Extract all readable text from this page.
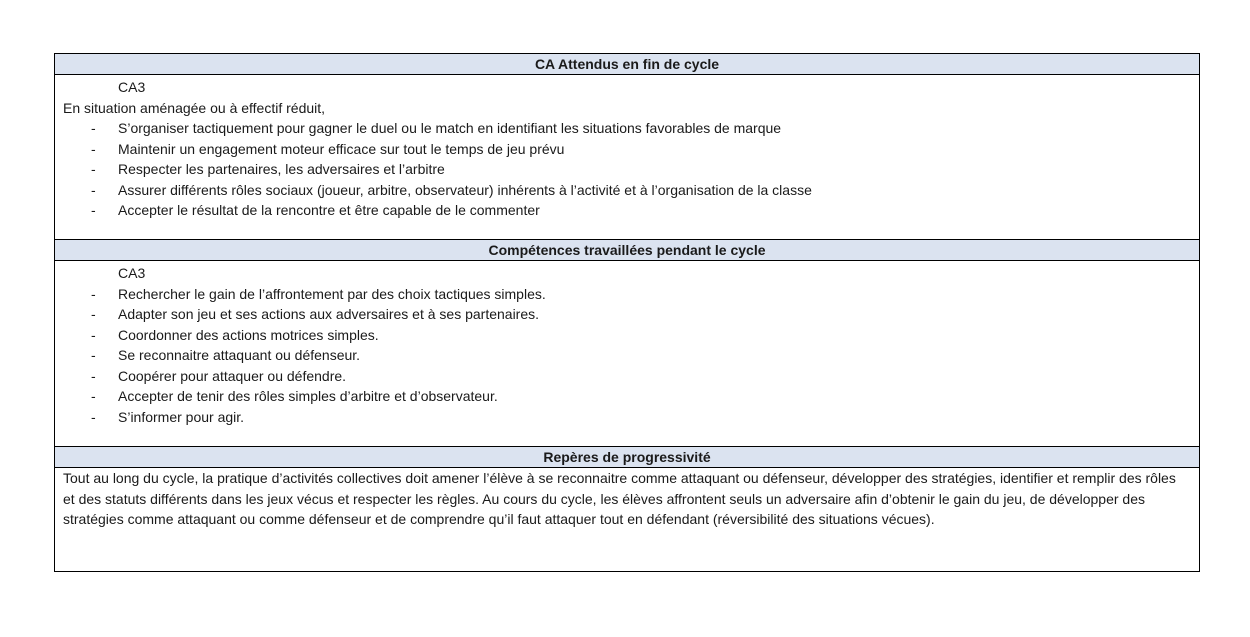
CA Attendus en fin de cycle
CA3
En situation aménagée ou à effectif réduit,
- S’organiser tactiquement pour gagner le duel ou le match en identifiant les situations favorables de marque
- Maintenir un engagement moteur efficace sur tout le temps de jeu prévu
- Respecter les partenaires, les adversaires et l’arbitre
- Assurer différents rôles sociaux (joueur, arbitre, observateur) inhérents à l’activité et à l’organisation de la classe
- Accepter le résultat de la rencontre et être capable de le commenter
Compétences travaillées pendant le cycle
CA3
- Rechercher le gain de l’affrontement par des choix tactiques simples.
- Adapter son jeu et ses actions aux adversaires et à ses partenaires.
- Coordonner des actions motrices simples.
- Se reconnaitre attaquant ou défenseur.
- Coopérer pour attaquer ou défendre.
- Accepter de tenir des rôles simples d’arbitre et d’observateur.
- S’informer pour agir.
Repères de progressivité
Tout au long du cycle, la pratique d’activités collectives doit amener l’élève à se reconnaitre comme attaquant ou défenseur, développer des stratégies, identifier et remplir des rôles et des statuts différents dans les jeux vécus et respecter les règles. Au cours du cycle, les élèves affrontent seuls un adversaire afin d’obtenir le gain du jeu, de développer des stratégies comme attaquant ou comme défenseur et de comprendre qu’il faut attaquer tout en défendant (réversibilité des situations vécues).
